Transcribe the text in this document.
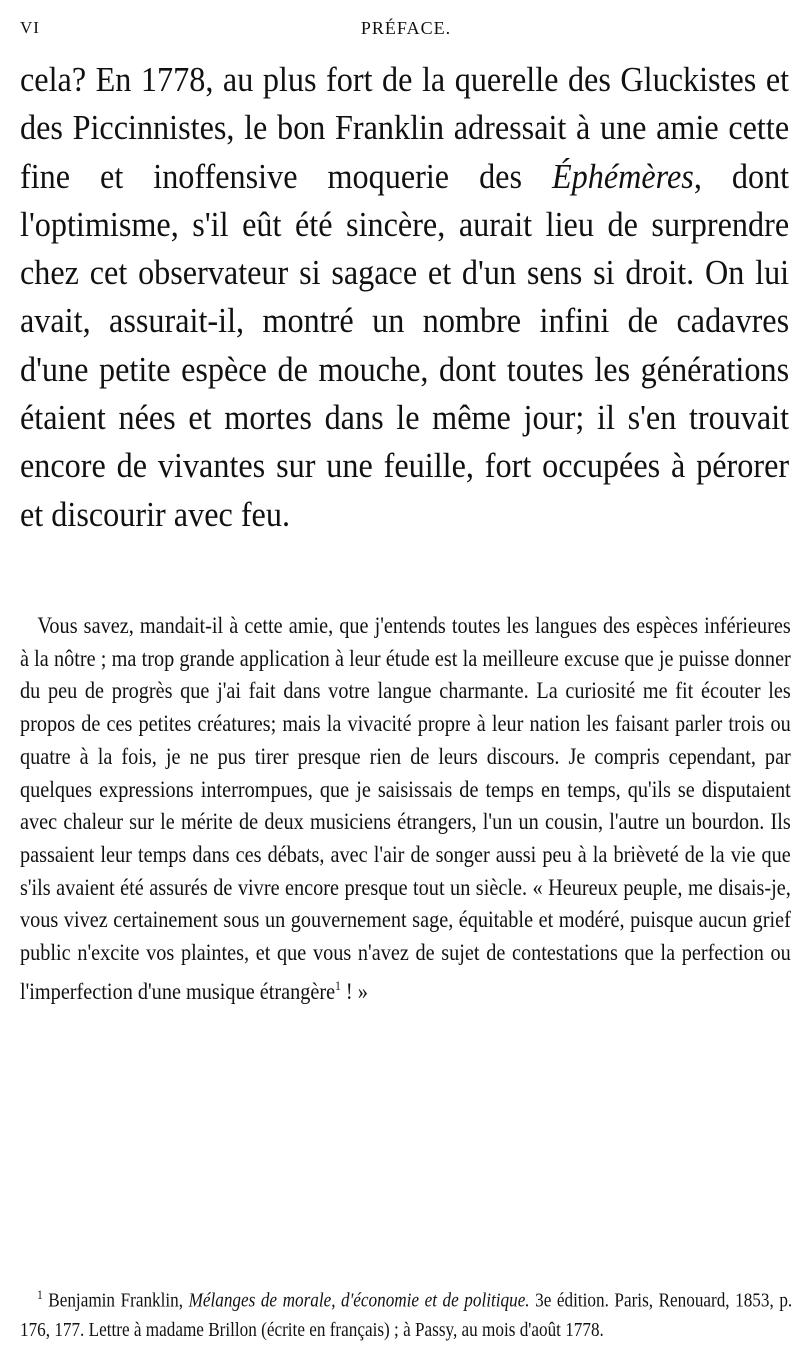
VI	PRÉFACE.

cela? En 1778, au plus fort de la querelle des Gluckistes et des Piccinnistes, le bon Franklin adressait à une amie cette fine et inoffensive moquerie des Éphémères, dont l'optimisme, s'il eût été sincère, aurait lieu de surprendre chez cet observateur si sagace et d'un sens si droit. On lui avait, assurait-il, montré un nombre infini de cadavres d'une petite espèce de mouche, dont toutes les générations étaient nées et mortes dans le même jour; il s'en trouvait encore de vivantes sur une feuille, fort occupées à pérorer et discourir avec feu.

Vous savez, mandait-il à cette amie, que j'entends toutes les langues des espèces inférieures à la nôtre ; ma trop grande application à leur étude est la meilleure excuse que je puisse donner du peu de progrès que j'ai fait dans votre langue charmante. La curiosité me fit écouter les propos de ces petites créatures; mais la vivacité propre à leur nation les faisant parler trois ou quatre à la fois, je ne pus tirer presque rien de leurs discours. Je compris cependant, par quelques expressions interrompues, que je saisissais de temps en temps, qu'ils se disputaient avec chaleur sur le mérite de deux musiciens étrangers, l'un un cousin, l'autre un bourdon. Ils passaient leur temps dans ces débats, avec l'air de songer aussi peu à la brièveté de la vie que s'ils avaient été assurés de vivre encore presque tout un siècle. « Heureux peuple, me disais-je, vous vivez certainement sous un gouvernement sage, équitable et modéré, puisque aucun grief public n'excite vos plaintes, et que vous n'avez de sujet de contestations que la perfection ou l'imperfection d'une musique étrangère$^1$ ! »

$^1$ Benjamin Franklin, Mélanges de morale, d'économie et de politique. 3e édition. Paris, Renouard, 1853, p. 176, 177. Lettre à madame Brillon (écrite en français) ; à Passy, au mois d'août 1778.
